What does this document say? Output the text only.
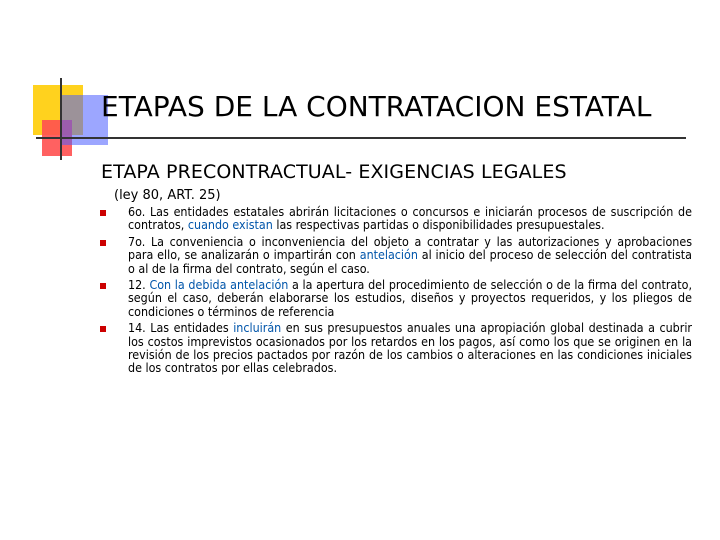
ETAPAS DE LA CONTRATACION ESTATAL
ETAPA PRECONTRACTUAL- EXIGENCIAS LEGALES
(ley 80, ART. 25)
6o. Las entidades estatales abrirán licitaciones o concursos e iniciarán procesos de suscripción de contratos, cuando existan las respectivas partidas o disponibilidades presupuestales.
7o. La conveniencia o inconveniencia del objeto a contratar y las autorizaciones y aprobaciones para ello, se analizarán o impartirán con antelación al inicio del proceso de selección del contratista o al de la firma del contrato, según el caso.
12. Con la debida antelación a la apertura del procedimiento de selección o de la firma del contrato, según el caso, deberán elaborarse los estudios, diseños y proyectos requeridos, y los pliegos de condiciones o términos de referencia
14. Las entidades incluirán en sus presupuestos anuales una apropiación global destinada a cubrir los costos imprevistos ocasionados por los retardos en los pagos, así como los que se originen en la revisión de los precios pactados por razón de los cambios o alteraciones en las condiciones iniciales de los contratos por ellas celebrados.
